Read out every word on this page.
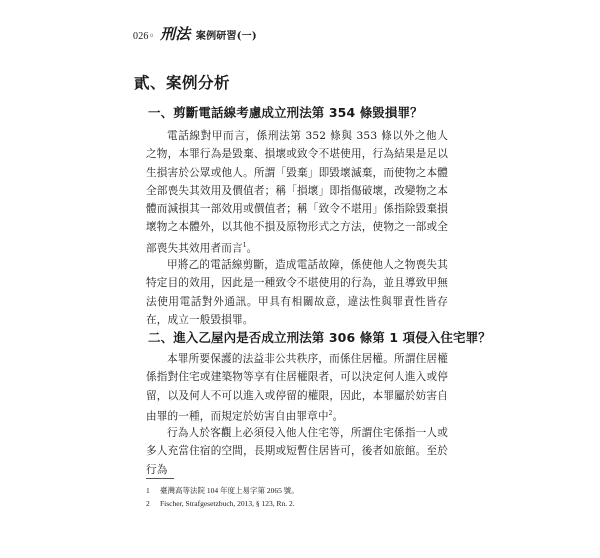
026◦ 刑法 案例研習(一)
貳、案例分析
一、剪斷電話線考慮成立刑法第 354 條毀損罪？
電話線對甲而言，係刑法第 352 條與 353 條以外之他人之物，本罪行為是毀棄、損壞或致令不堪使用，行為結果是足以生損害於公眾或他人。所謂「毀棄」即毀壞滅棄，而使物之本體全部喪失其效用及價值者；稱「損壞」即指傷破壞，改變物之本體而減損其一部效用或價值者；稱「致令不堪用」係指除毀棄損壞物之本體外，以其他不損及原物形式之方法，使物之一部或全部喪失其效用者而言$^1$。
甲將乙的電話線剪斷，造成電話故障，係使他人之物喪失其特定目的效用，因此是一種致令不堪使用的行為，並且導致甲無法使用電話對外通訊。甲具有相關故意，違法性與罪責性皆存在，成立一般毀損罪。
二、進入乙屋內是否成立刑法第 306 條第 1 項侵入住宅罪？
本罪所要保護的法益非公共秩序，而係住居權。所謂住居權係指對住宅或建築物等享有住居權限者，可以決定何人進入或停留，以及何人不可以進入或停留的權限，因此，本罪屬於妨害自由罪的一種，而規定於妨害自由罪章中$^2$。
行為人於客觀上必須侵入他人住宅等，所謂住宅係指一人或多人充當住宿的空間，長期或短暫住居皆可，後者如旅館。至於行為
1 臺灣高等法院 104 年度上易字第 2065 號。
2 Fischer, Strafgesetzbuch, 2013, § 123, Rn. 2.
